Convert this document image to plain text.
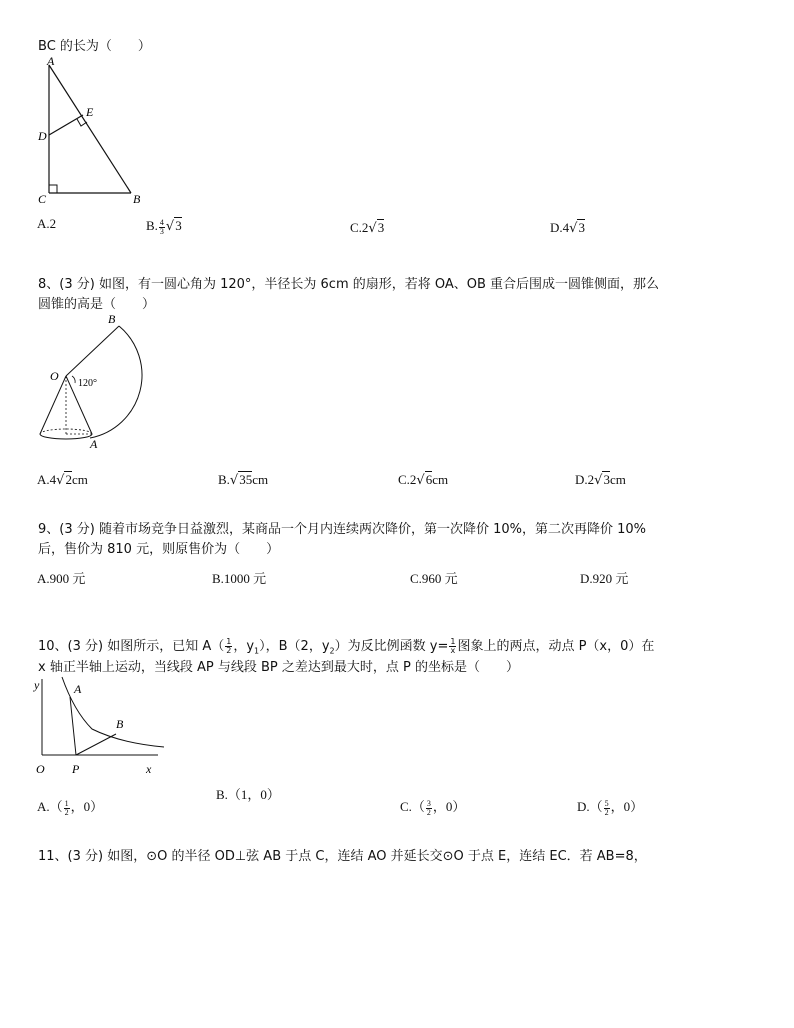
BC 的长为（　　）
A
E
D
C	B
A.2	B. $\frac{4}{3} √3$	C.2√3	D.4√3
8、(3 分) 如图，有一圆心角为 120°，半径长为 6cm 的扇形，若将 OA、OB 重合后围成一圆锥侧面，那么
圆锥的高是（　　）
O
120°
B
A
A.4√2cm	B.√35cm	C.2√6cm	D.2√3cm
9、(3 分) 随着市场竞争日益激烈，某商品一个月内连续两次降价，第一次降价 10%，第二次再降价 10%
后，售价为 810 元，则原售价为（　　）
A.900 元	B.1000 元	C.960 元	D.920 元
10、(3 分) 如图所示，已知 $A( \frac{1}{2}$ ，$y_1$），B（2，$y_2$）为反比例函数 $y= \frac{1}{x}$ 图象上的两点，动点 P（x，0）在
x 轴正半轴上运动，当线段 AP 与线段 BP 之差达到最大时，点 P 的坐标是（　　）
y	A
B
O P	x
$A.( \frac{1}{2}$ ，0）
B.（1，0）
$C.( \frac{3}{2}$ ，0）	$D.( \frac{5}{2}$ ，0）
11、(3 分) 如图，⊙O 的半径 OD⊥弦 AB 于点 C，连结 AO 并延长交⊙O 于点 E，连结 EC．若 AB=8，
